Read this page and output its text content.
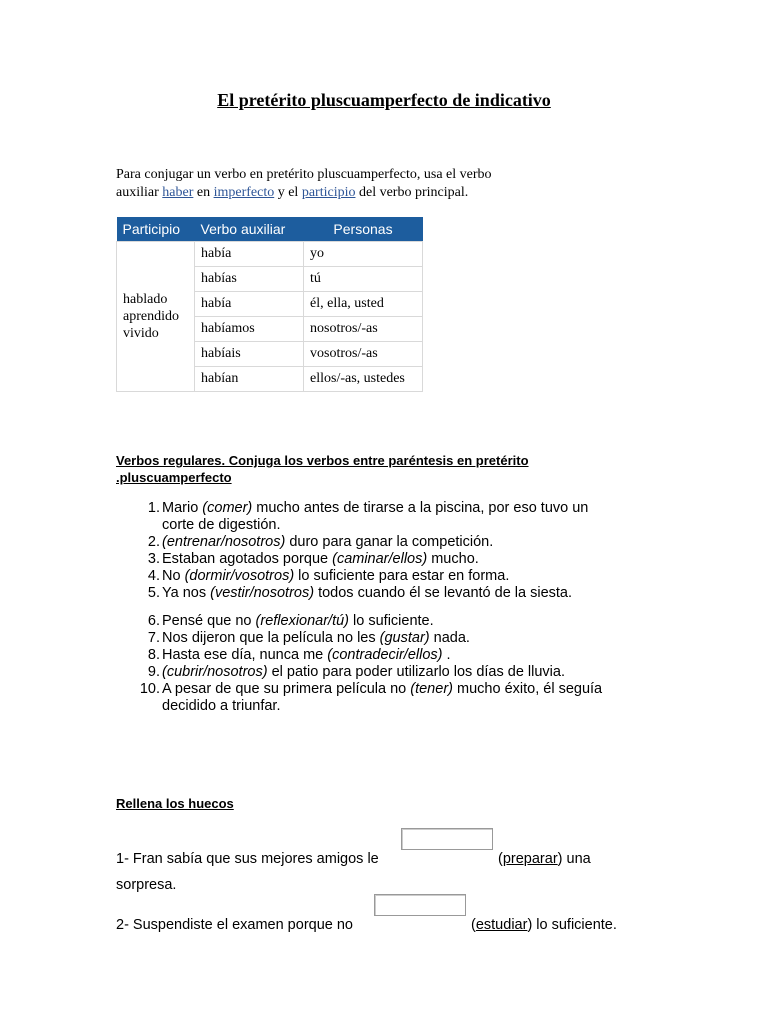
El pretérito pluscuamperfecto de indicativo
Para conjugar un verbo en pretérito pluscuamperfecto, usa el verbo
auxiliar haber en imperfecto y el participio del verbo principal.
Participio	Verbo auxiliar	Personas

hablado
aprendido
vivido	había	yo
	habías	tú
	había	él, ella, usted
	habíamos	nosotros/-as
	habíais	vosotros/-as
	habían	ellos/-as, ustedes
Verbos regulares. Conjuga los verbos entre paréntesis en pretérito
.pluscuamperfecto
1. Mario (comer) mucho antes de tirarse a la piscina, por eso tuvo un
corte de digestión.
2. (entrenar/nosotros) duro para ganar la competición.
3. Estaban agotados porque (caminar/ellos) mucho.
4. No (dormir/vosotros) lo suficiente para estar en forma.
5. Ya nos (vestir/nosotros) todos cuando él se levantó de la siesta.
6. Pensé que no (reflexionar/tú) lo suficiente.
7. Nos dijeron que la película no les (gustar) nada.
8. Hasta ese día, nunca me (contradecir/ellos) .
9. (cubrir/nosotros) el patio para poder utilizarlo los días de lluvia.
10. A pesar de que su primera película no (tener) mucho éxito, él seguía
decidido a triunfar.
Rellena los huecos
1- Fran sabía que sus mejores amigos le	(preparar) una
sorpresa.
2- Suspendiste el examen porque no	(estudiar) lo suficiente.
